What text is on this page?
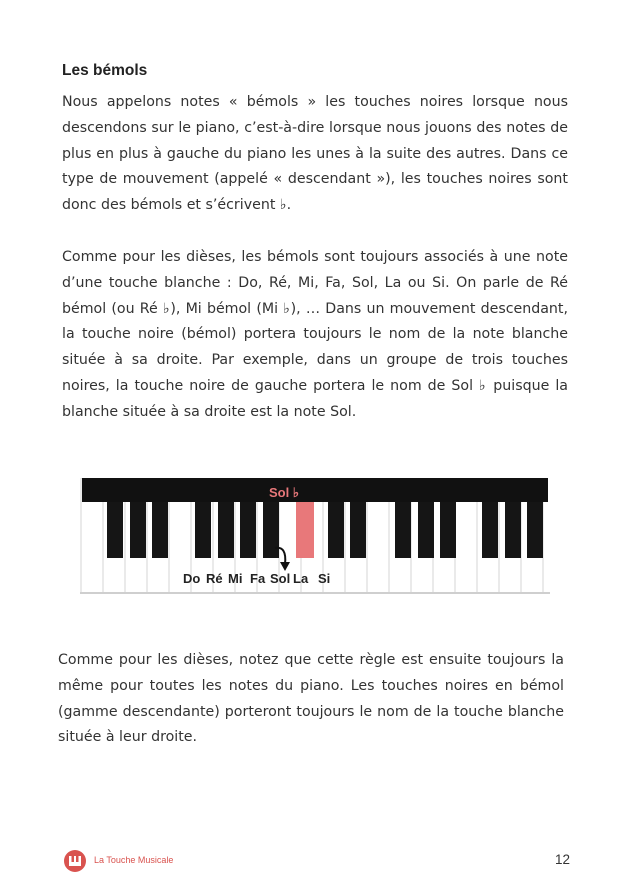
Les bémols

Nous appelons notes « bémols » les touches noires lorsque nous descendons sur le piano, c’est-à-dire lorsque nous jouons des notes de plus en plus à gauche du piano les unes à la suite des autres. Dans ce type de mouvement (appelé « descendant »), les touches noires sont donc des bémols et s’écrivent ♭.

Comme pour les dièses, les bémols sont toujours associés à une note d’une touche blanche : Do, Ré, Mi, Fa, Sol, La ou Si. On parle de Ré bémol (ou Ré ♭), Mi bémol (Mi ♭), … Dans un mouvement descendant, la touche noire (bémol) portera toujours le nom de la note blanche située à sa droite. Par exemple, dans un groupe de trois touches noires, la touche noire de gauche portera le nom de Sol ♭ puisque la blanche située à sa droite est la note Sol.

Sol ♭
Do Ré Mi Fa Sol La Si

Comme pour les dièses, notez que cette règle est ensuite toujours la même pour toutes les notes du piano. Les touches noires en bémol (gamme descendante) porteront toujours le nom de la touche blanche située à leur droite.

La Touche Musicale	12
